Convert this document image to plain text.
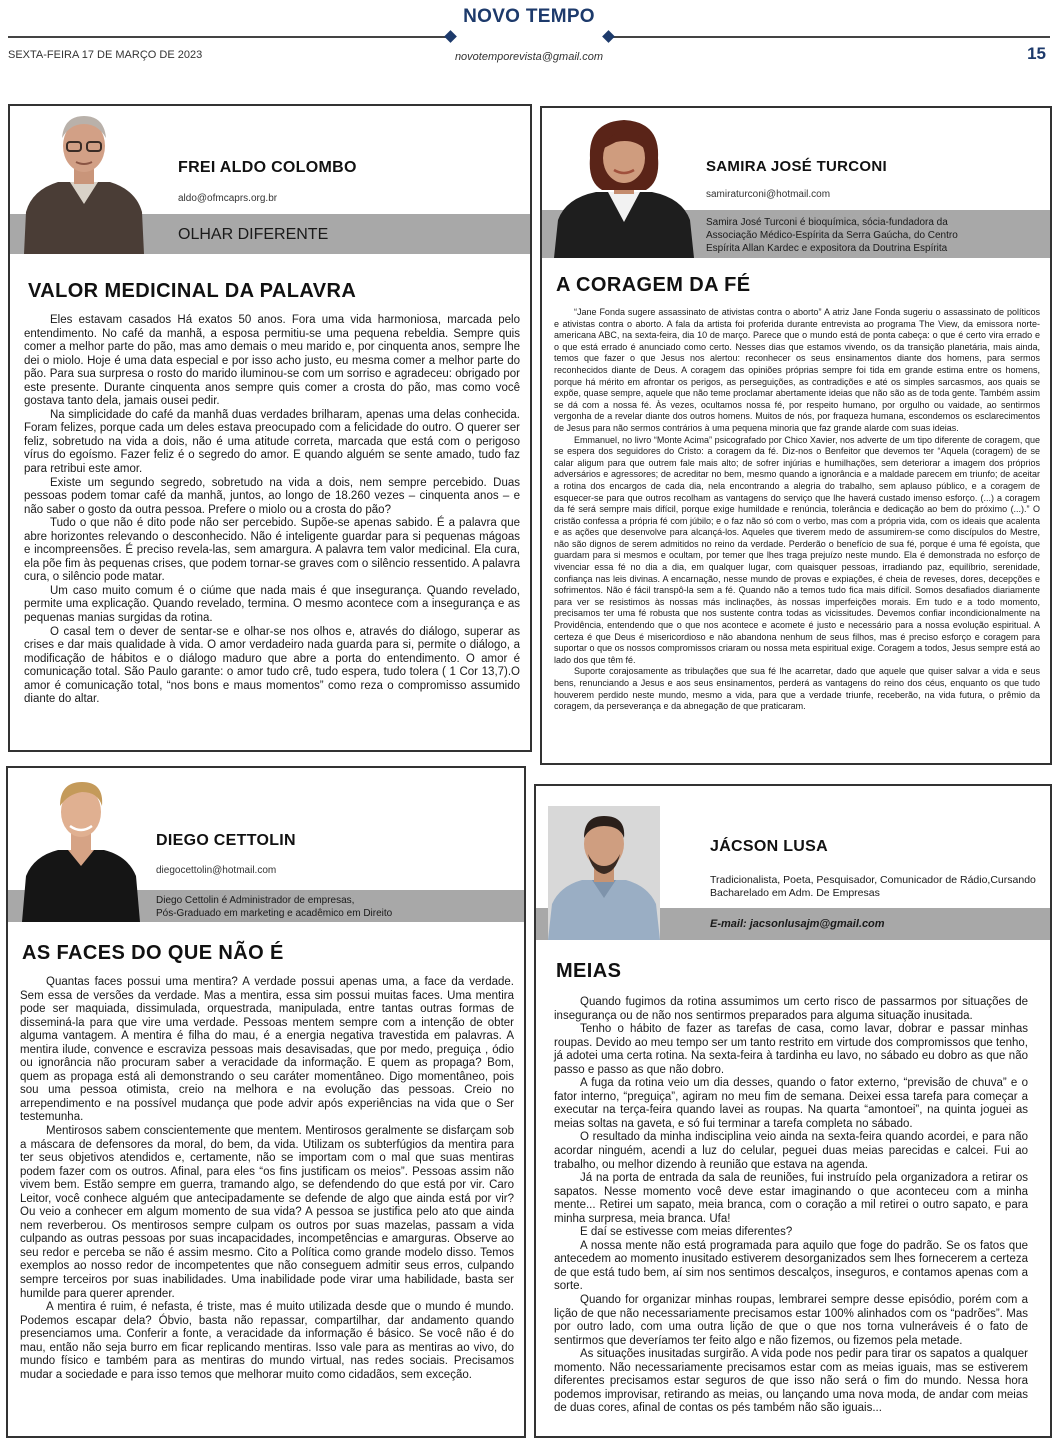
NOVO TEMPO
novotemporevista@gmail.com
SEXTA-FEIRA 17 DE MARÇO DE 2023	15
FREI ALDO COLOMBO
aldo@ofmcaprs.org.br
OLHAR DIFERENTE
VALOR MEDICINAL DA PALAVRA

Eles estavam casados Há exatos 50 anos. Fora uma vida harmoniosa, marcada pelo entendimento. No café da manhã, a esposa permitiu-se uma pequena rebeldia. Sempre quis comer a melhor parte do pão, mas amo demais o meu marido e, por cinquenta anos, sempre lhe dei o miolo. Hoje é uma data especial e por isso acho justo, eu mesma comer a melhor parte do pão. Para sua surpresa o rosto do marido iluminou-se com um sorriso e agradeceu: obrigado por este presente. Durante cinquenta anos sempre quis comer a crosta do pão, mas como você gostava tanto dela, jamais ousei pedir.

Na simplicidade do café da manhã duas verdades brilharam, apenas uma delas conhecida. Foram felizes, porque cada um deles estava preocupado com a felicidade do outro. O querer ser feliz, sobretudo na vida a dois, não é uma atitude correta, marcada que está com o perigoso vírus do egoísmo. Fazer feliz é o segredo do amor. E quando alguém se sente amado, tudo faz para retribui este amor.

Existe um segundo segredo, sobretudo na vida a dois, nem sempre percebido. Duas pessoas podem tomar café da manhã, juntos, ao longo de 18.260 vezes – cinquenta anos – e não saber o gosto da outra pessoa. Prefere o miolo ou a crosta do pão?

Tudo o que não é dito pode não ser percebido. Supõe-se apenas sabido. É a palavra que abre horizontes relevando o desconhecido. Não é inteligente guardar para si pequenas mágoas e incompreensões. É preciso revela-las, sem amargura. A palavra tem valor medicinal. Ela cura, ela põe fim às pequenas crises, que podem tornar-se graves com o silêncio ressentido. A palavra cura, o silêncio pode matar.

Um caso muito comum é o ciúme que nada mais é que insegurança. Quando revelado, permite uma explicação. Quando revelado, termina. O mesmo acontece com a insegurança e as pequenas manias surgidas da rotina.

O casal tem o dever de sentar-se e olhar-se nos olhos e, através do diálogo, superar as crises e dar mais qualidade à vida. O amor verdadeiro nada guarda para si, permite o diálogo, a modificação de hábitos e o diálogo maduro que abre a porta do entendimento. O amor é comunicação total. São Paulo garante: o amor tudo crê, tudo espera, tudo tolera ( 1 Cor 13,7).O amor é comunicação total, “nos bons e maus momentos” como reza o compromisso assumido diante do altar.

SAMIRA JOSÉ TURCONI
samiraturconi@hotmail.com
Samira José Turconi é bioquímica, sócia-fundadora da Associação Médico-Espírita da Serra Gaúcha, do Centro Espírita Allan Kardec e expositora da Doutrina Espírita
A CORAGEM DA FÉ

“Jane Fonda sugere assassinato de ativistas contra o aborto” A atriz Jane Fonda sugeriu o assassinato de políticos e ativistas contra o aborto. A fala da artista foi proferida durante entrevista ao programa The View, da emissora norte-americana ABC, na sexta-feira, dia 10 de março. Parece que o mundo está de ponta cabeça: o que é certo vira errado e o que está errado é anunciado como certo. Nesses dias que estamos vivendo, os da transição planetária, mais ainda, temos que fazer o que Jesus nos alertou: reconhecer os seus ensinamentos diante dos homens, para sermos reconhecidos diante de Deus. A coragem das opiniões próprias sempre foi tida em grande estima entre os homens, porque há mérito em afrontar os perigos, as perseguições, as contradições e até os simples sarcasmos, aos quais se expõe, quase sempre, aquele que não teme proclamar abertamente ideias que não são as de toda gente. Também assim se dá com a nossa fé. Às vezes, ocultamos nossa fé, por respeito humano, por orgulho ou vaidade, ao sentirmos vergonha de a revelar diante dos outros homens. Muitos de nós, por fraqueza humana, escondemos os esclarecimentos de Jesus para não sermos contrários à uma pequena minoria que faz grande alarde com suas ideias.

Emmanuel, no livro “Monte Acima” psicografado por Chico Xavier, nos adverte de um tipo diferente de coragem, que se espera dos seguidores do Cristo: a coragem da fé. Diz-nos o Benfeitor que devemos ter “Aquela (coragem) de se calar aligum para que outrem fale mais alto; de sofrer injúrias e humilhações, sem deteriorar a imagem dos próprios adversários e agressores; de acreditar no bem, mesmo quando a ignorância e a maldade parecem em triunfo; de aceitar a rotina dos encargos de cada dia, nela encontrando a alegria do trabalho, sem aplauso público, e a coragem de esquecer-se para que outros recolham as vantagens do serviço que lhe haverá custado imenso esforço. (...) a coragem da fé será sempre mais difícil, porque exige humildade e renúncia, tolerância e dedicação ao bem do próximo (...).” O cristão confessa a própria fé com júbilo; e o faz não só com o verbo, mas com a própria vida, com os ideais que acalenta e as ações que desenvolve para alcançá-los. Aqueles que tiverem medo de assumirem-se como discípulos do Mestre, não são dignos de serem admitidos no reino da verdade. Perderão o benefício de sua fé, porque é uma fé egoísta, que guardam para si mesmos e ocultam, por temer que lhes traga prejuízo neste mundo. Ela é demonstrada no esforço de vivenciar essa fé no dia a dia, em qualquer lugar, com quaisquer pessoas, irradiando paz, equilíbrio, serenidade, confiança nas leis divinas. A encarnação, nesse mundo de provas e expiações, é cheia de reveses, dores, decepções e sofrimentos. Não é fácil transpô-la sem a fé. Quando não a temos tudo fica mais difícil. Somos desafiados diariamente para ver se resistimos às nossas más inclinações, às nossas imperfeições morais. Em tudo e a todo momento, precisamos ter uma fé robusta que nos sustente contra todas as vicissitudes. Devemos confiar incondicionalmente na Providência, entendendo que o que nos acontece e acomete é justo e necessário para a nossa evolução espiritual. A certeza é que Deus é misericordioso e não abandona nenhum de seus filhos, mas é preciso esforço e coragem para suportar o que os nossos compromissos criaram ou nossa meta espiritual exige. Coragem a todos, Jesus sempre está ao lado dos que têm fé.

Suporte corajosamente as tribulações que sua fé lhe acarretar, dado que aquele que quiser salvar a vida e seus bens, renunciando a Jesus e aos seus ensinamentos, perderá as vantagens do reino dos céus, enquanto os que tudo houverem perdido neste mundo, mesmo a vida, para que a verdade triunfe, receberão, na vida futura, o prêmio da coragem, da perseverança e da abnegação de que praticaram.

DIEGO CETTOLIN
diegocettolin@hotmail.com
Diego Cettolin é Administrador de empresas,
Pós-Graduado em marketing e acadêmico em Direito
AS FACES DO QUE NÃO É

Quantas faces possui uma mentira? A verdade possui apenas uma, a face da verdade. Sem essa de versões da verdade. Mas a mentira, essa sim possui muitas faces. Uma mentira pode ser maquiada, dissimulada, orquestrada, manipulada, entre tantas outras formas de disseminá-la para que vire uma verdade. Pessoas mentem sempre com a intenção de obter alguma vantagem. A mentira é filha do mau, é a energia negativa travestida em palavras. A mentira ilude, convence e escraviza pessoas mais desavisadas, que por medo, preguiça , ódio ou ignorância não procuram saber a veracidade da informação. E quem as propaga? Bom, quem as propaga está ali demonstrando o seu caráter momentâneo. Digo momentâneo, pois sou uma pessoa otimista, creio na melhora e na evolução das pessoas. Creio no arrependimento e na possível mudança que pode advir após experiências na vida que o Ser testemunha.

Mentirosos sabem conscientemente que mentem. Mentirosos geralmente se disfarçam sob a máscara de defensores da moral, do bem, da vida. Utilizam os subterfúgios da mentira para ter seus objetivos atendidos e, certamente, não se importam com o mal que suas mentiras podem fazer com os outros. Afinal, para eles “os fins justificam os meios”. Pessoas assim não vivem bem. Estão sempre em guerra, tramando algo, se defendendo do que está por vir. Caro Leitor, você conhece alguém que antecipadamente se defende de algo que ainda está por vir? Ou veio a conhecer em algum momento de sua vida? A pessoa se justifica pelo ato que ainda nem reverberou. Os mentirosos sempre culpam os outros por suas mazelas, passam a vida culpando as outras pessoas por suas incapacidades, incompetências e amarguras. Observe ao seu redor e perceba se não é assim mesmo. Cito a Política como grande modelo disso. Temos exemplos ao nosso redor de incompetentes que não conseguem admitir seus erros, culpando sempre terceiros por suas inabilidades. Uma inabilidade pode virar uma habilidade, basta ser humilde para querer aprender.

A mentira é ruim, é nefasta, é triste, mas é muito utilizada desde que o mundo é mundo. Podemos escapar dela? Óbvio, basta não repassar, compartilhar, dar andamento quando presenciamos uma. Conferir a fonte, a veracidade da informação é básico. Se você não é do mau, então não seja burro em ficar replicando mentiras. Isso vale para as mentiras ao vivo, do mundo físico e também para as mentiras do mundo virtual, nas redes sociais. Precisamos mudar a sociedade e para isso temos que melhorar muito como cidadãos, sem exceção.

JÁCSON LUSA
Tradicionalista, Poeta, Pesquisador, Comunicador de Rádio,Cursando
Bacharelado em Adm. De Empresas
E-mail: jacsonlusajm@gmail.com
MEIAS

Quando fugimos da rotina assumimos um certo risco de passarmos por situações de insegurança ou de não nos sentirmos preparados para alguma situação inusitada.

Tenho o hábito de fazer as tarefas de casa, como lavar, dobrar e passar minhas roupas. Devido ao meu tempo ser um tanto restrito em virtude dos compromissos que tenho, já adotei uma certa rotina. Na sexta-feira à tardinha eu lavo, no sábado eu dobro as que não passo e passo as que não dobro.

A fuga da rotina veio um dia desses, quando o fator externo, “previsão de chuva” e o fator interno, “preguiça”, agiram no meu fim de semana. Deixei essa tarefa para começar a executar na terça-feira quando lavei as roupas. Na quarta “amontoei”, na quinta joguei as meias soltas na gaveta, e só fui terminar a tarefa completa no sábado.

O resultado da minha indisciplina veio ainda na sexta-feira quando acordei, e para não acordar ninguém, acendi a luz do celular, peguei duas meias parecidas e calcei. Fui ao trabalho, ou melhor dizendo à reunião que estava na agenda.

Já na porta de entrada da sala de reuniões, fui instruído pela organizadora a retirar os sapatos. Nesse momento você deve estar imaginando o que aconteceu com a minha mente... Retirei um sapato, meia branca, com o coração a mil retirei o outro sapato, e para minha surpresa, meia branca. Ufa!

E daí se estivesse com meias diferentes?

A nossa mente não está programada para aquilo que foge do padrão. Se os fatos que antecedem ao momento inusitado estiverem desorganizados sem lhes fornecerem a certeza de que está tudo bem, aí sim nos sentimos descalços, inseguros, e contamos apenas com a sorte.

Quando for organizar minhas roupas, lembrarei sempre desse episódio, porém com a lição de que não necessariamente precisamos estar 100% alinhados com os “padrões”. Mas por outro lado, com uma outra lição de que o que nos torna vulneráveis é o fato de sentirmos que deveríamos ter feito algo e não fizemos, ou fizemos pela metade.

As situações inusitadas surgirão. A vida pode nos pedir para tirar os sapatos a qualquer momento. Não necessariamente precisamos estar com as meias iguais, mas se estiverem diferentes precisamos estar seguros de que isso não será o fim do mundo. Nessa hora podemos improvisar, retirando as meias, ou lançando uma nova moda, de andar com meias de duas cores, afinal de contas os pés também não são iguais...
